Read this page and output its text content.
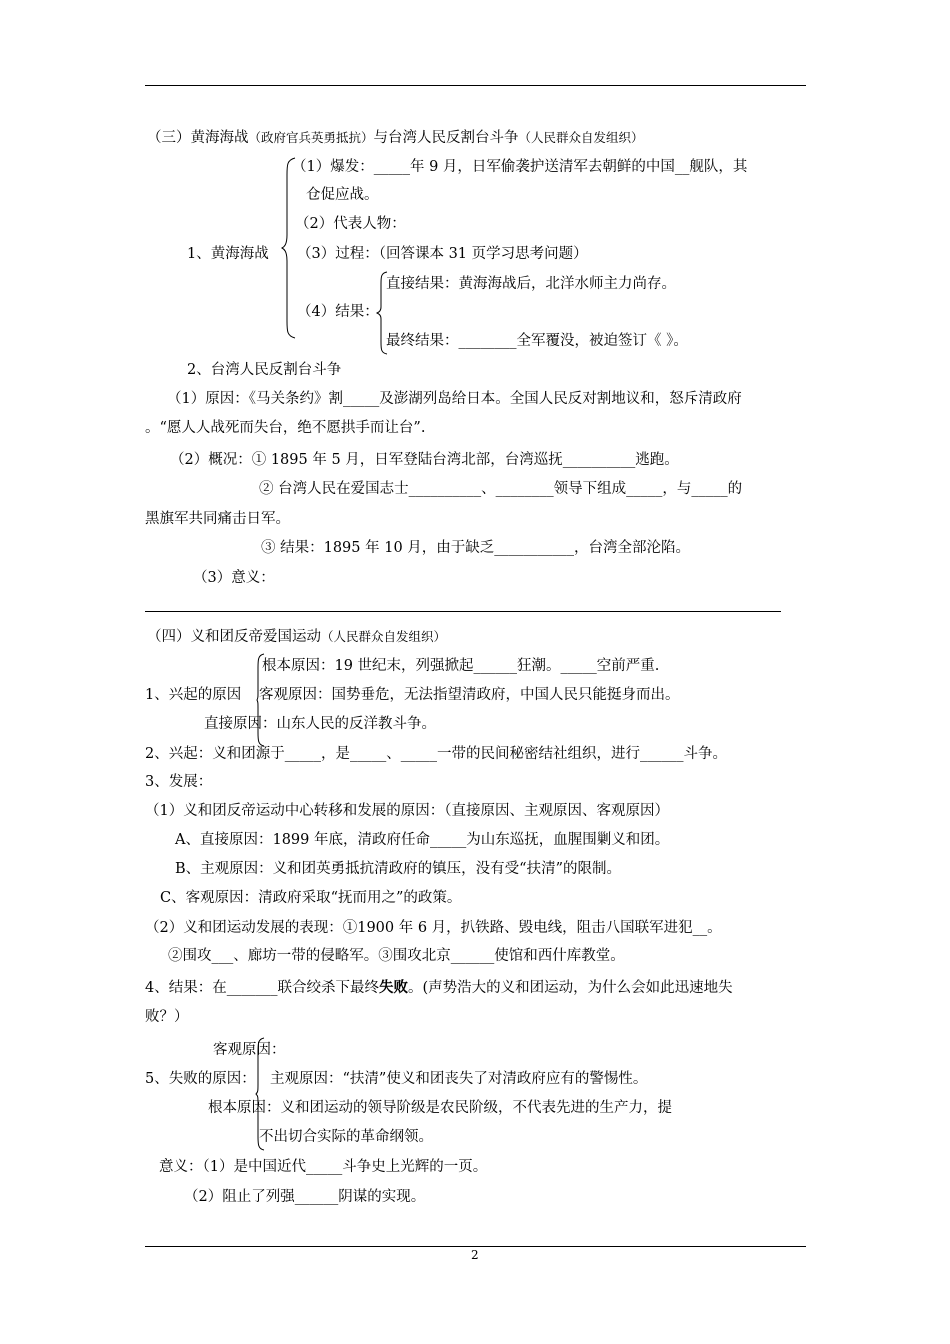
（三）黄海海战（政府官兵英勇抵抗）与台湾人民反割台斗争（人民群众自发组织）
（1）爆发：_____年 9 月，日军偷袭护送清军去朝鲜的中国__舰队，其
仓促应战。
（2）代表人物：
1、黄海海战 （3）过程：（回答课本 31 页学习思考问题）
直接结果：黄海海战后，北洋水师主力尚存。
（4）结果：
最终结果：________全军覆没，被迫签订《 》。
2、台湾人民反割台斗争
（1）原因：《马关条约》割_____及澎湖列岛给日本。全国人民反对割地议和，怒斥清政府
。“愿人人战死而失台，绝不愿拱手而让台”.
（2）概况：① 1895 年 5 月，日军登陆台湾北部，台湾巡抚__________逃跑。
② 台湾人民在爱国志士__________、________领导下组成_____，与_____的
黑旗军共同痛击日军。
③ 结果：1895 年 10 月，由于缺乏___________，台湾全部沦陷。
（3）意义：
（四）义和团反帝爱国运动（人民群众自发组织）
根本原因：19 世纪末，列强掀起______狂潮。_____空前严重.
1、兴起的原因 客观原因：国势垂危，无法指望清政府，中国人民只能挺身而出。
直接原因：山东人民的反洋教斗争。
2、兴起：义和团源于_____，是_____、_____一带的民间秘密结社组织，进行______斗争。
3、发展：
（1）义和团反帝运动中心转移和发展的原因：（直接原因、主观原因、客观原因）
A、直接原因：1899 年底，清政府任命_____为山东巡抚，血腥围剿义和团。
B、主观原因：义和团英勇抵抗清政府的镇压，没有受“扶清”的限制。
C、客观原因：清政府采取“抚而用之”的政策。
（2）义和团运动发展的表现：①1900 年 6 月，扒铁路、毁电线，阻击八国联军进犯__。
②围攻___、廊坊一带的侵略军。③围攻北京______使馆和西什库教堂。
4、结果：在_______联合绞杀下最终失败。(声势浩大的义和团运动，为什么会如此迅速地失
败？）
客观原因：
5、失败的原因： 主观原因：“扶清”使义和团丧失了对清政府应有的警惕性。
根本原因：义和团运动的领导阶级是农民阶级，不代表先进的生产力，提
不出切合实际的革命纲领。
意义：（1）是中国近代_____斗争史上光辉的一页。
（2）阻止了列强______阴谋的实现。
2
